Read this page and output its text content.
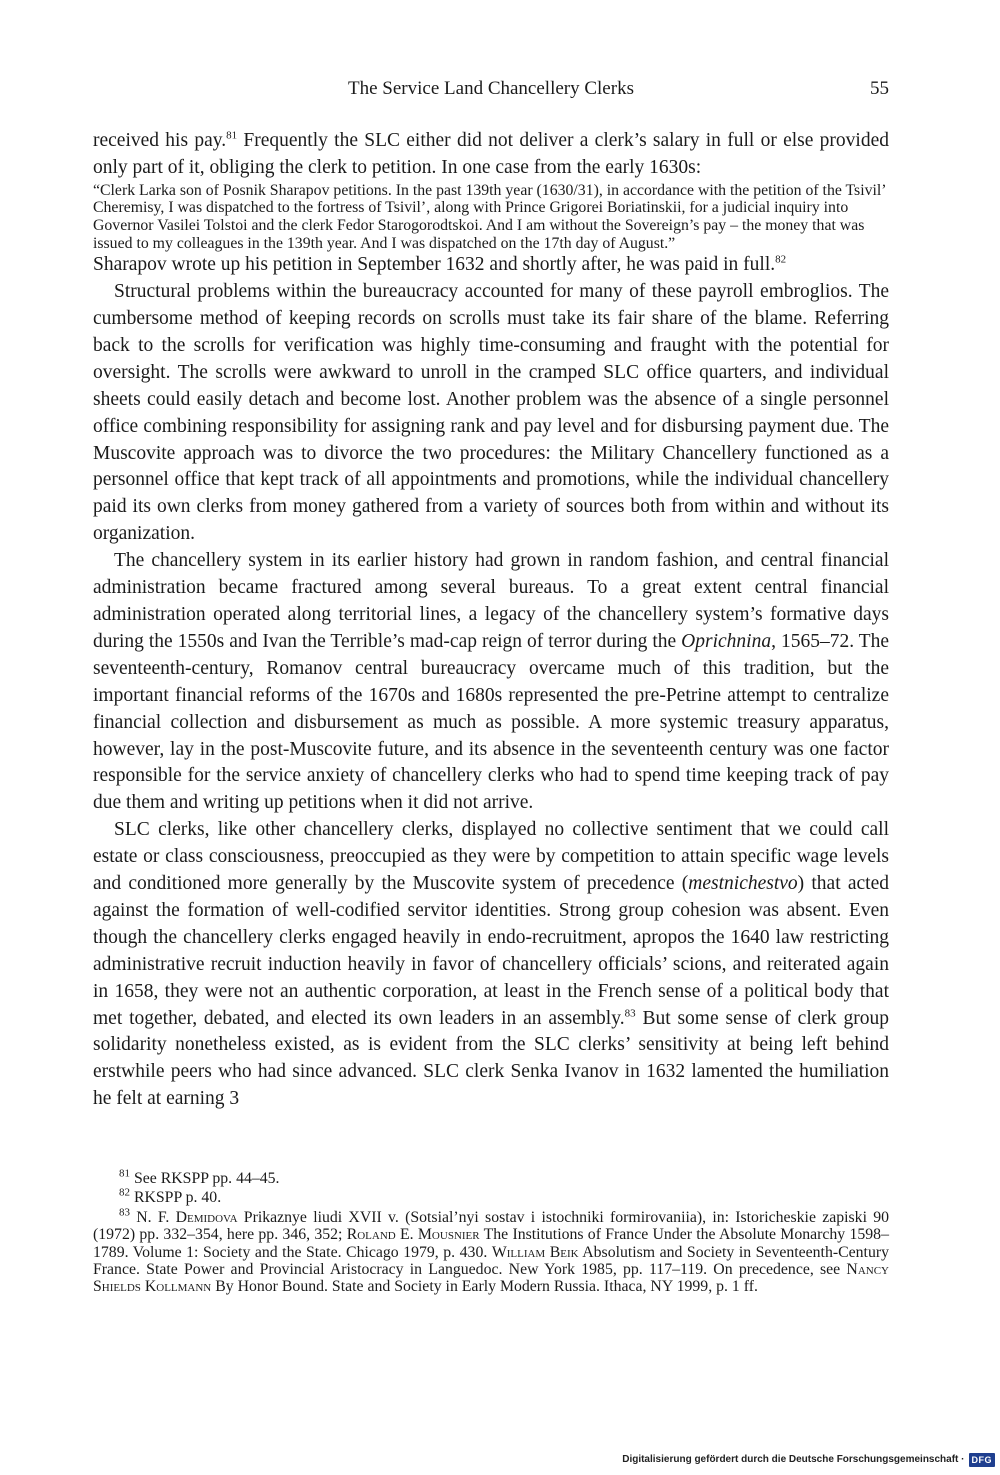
The Service Land Chancellery Clerks	55

received his pay.$^{81}$ Frequently the SLC either did not deliver a clerk’s salary in full or else provided only part of it, obliging the clerk to petition. In one case from the early 1630s:

“Clerk Larka son of Posnik Sharapov petitions. In the past 139th year (1630/31), in accordance with the petition of the Tsivil’ Cheremisy, I was dispatched to the fortress of Tsivil’, along with Prince Grigorei Boriatinskii, for a judicial inquiry into Governor Vasilei Tolstoi and the clerk Fedor Starogorodtskoi. And I am without the Sovereign’s pay – the money that was issued to my colleagues in the 139th year. And I was dispatched on the 17th day of August.”

Sharapov wrote up his petition in September 1632 and shortly after, he was paid in full.$^{82}$

Structural problems within the bureaucracy accounted for many of these payroll embroglios. The cumbersome method of keeping records on scrolls must take its fair share of the blame. Referring back to the scrolls for verification was highly time-consuming and fraught with the potential for oversight. The scrolls were awkward to unroll in the cramped SLC office quarters, and individual sheets could easily detach and become lost. Another problem was the absence of a single personnel office combining responsibility for assigning rank and pay level and for disbursing payment due. The Muscovite approach was to divorce the two procedures: the Military Chancellery functioned as a personnel office that kept track of all appointments and promotions, while the individual chancellery paid its own clerks from money gathered from a variety of sources both from within and without its organization.

The chancellery system in its earlier history had grown in random fashion, and central financial administration became fractured among several bureaus. To a great extent central financial administration operated along territorial lines, a legacy of the chancellery system’s formative days during the 1550s and Ivan the Terrible’s mad-cap reign of terror during the Oprichnina, 1565–72. The seventeenth-century, Romanov central bureaucracy overcame much of this tradition, but the important financial reforms of the 1670s and 1680s represented the pre-Petrine attempt to centralize financial collection and disbursement as much as possible. A more systemic treasury apparatus, however, lay in the post-Muscovite future, and its absence in the seventeenth century was one factor responsible for the service anxiety of chancellery clerks who had to spend time keeping track of pay due them and writing up petitions when it did not arrive.

SLC clerks, like other chancellery clerks, displayed no collective sentiment that we could call estate or class consciousness, preoccupied as they were by competition to attain specific wage levels and conditioned more generally by the Muscovite system of precedence (mestnichestvo) that acted against the formation of well-codified servitor identities. Strong group cohesion was absent. Even though the chancellery clerks engaged heavily in endo-recruitment, apropos the 1640 law restricting administrative recruit induction heavily in favor of chancellery officials’ scions, and reiterated again in 1658, they were not an authentic corporation, at least in the French sense of a political body that met together, debated, and elected its own leaders in an assembly.$^{83}$ But some sense of clerk group solidarity nonetheless existed, as is evident from the SLC clerks’ sensitivity at being left behind erstwhile peers who had since advanced. SLC clerk Senka Ivanov in 1632 lamented the humiliation he felt at earning 3

$^{81}$ See RKSPP pp. 44–45.

$^{82}$ RKSPP p. 40.

$^{83}$ N. F. Demidova Prikaznye liudi XVII v. (Sotsial’nyi sostav i istochniki formirovaniia), in: Istoricheskie zapiski 90 (1972) pp. 332–354, here pp. 346, 352; Roland E. Mousnier The Institutions of France Under the Absolute Monarchy 1598–1789. Volume 1: Society and the State. Chicago 1979, p. 430. William Beik Absolutism and Society in Seventeenth-Century France. State Power and Provincial Aristocracy in Languedoc. New York 1985, pp. 117–119. On precedence, see Nancy Shields Kollmann By Honor Bound. State and Society in Early Modern Russia. Ithaca, NY 1999, p. 1 ff.

Digitalisierung gefördert durch die Deutsche Forschungsgemeinschaft · DFG
